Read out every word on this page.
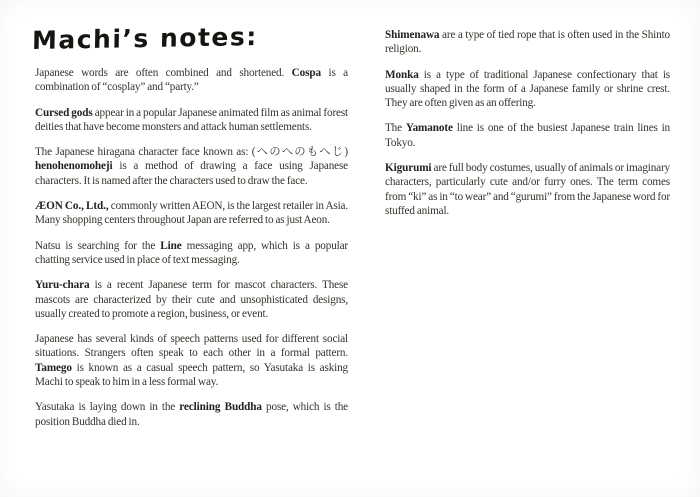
Machi’s notes:

Japanese words are often combined and shortened. Cospa is a combination of “cosplay” and “party.”

Cursed gods appear in a popular Japanese animated film as animal forest deities that have become monsters and attack human settlements.

The Japanese hiragana character face known as: (へのへのもへじ) henohenomoheji is a method of drawing a face using Japanese characters. It is named after the characters used to draw the face.

ÆON Co., Ltd., commonly written AEON, is the largest retailer in Asia. Many shopping centers throughout Japan are referred to as just Aeon.

Natsu is searching for the Line messaging app, which is a popular chatting service used in place of text messaging.

Yuru-chara is a recent Japanese term for mascot characters. These mascots are characterized by their cute and unsophisticated designs, usually created to promote a region, business, or event.

Japanese has several kinds of speech patterns used for different social situations. Strangers often speak to each other in a formal pattern. Tamego is known as a casual speech pattern, so Yasutaka is asking Machi to speak to him in a less formal way.

Yasutaka is laying down in the reclining Buddha pose, which is the position Buddha died in.

Shimenawa are a type of tied rope that is often used in the Shinto religion.

Monka is a type of traditional Japanese confectionary that is usually shaped in the form of a Japanese family or shrine crest. They are often given as an offering.

The Yamanote line is one of the busiest Japanese train lines in Tokyo.

Kigurumi are full body costumes, usually of animals or imaginary characters, particularly cute and/or furry ones. The term comes from “ki” as in “to wear” and “gurumi” from the Japanese word for stuffed animal.
